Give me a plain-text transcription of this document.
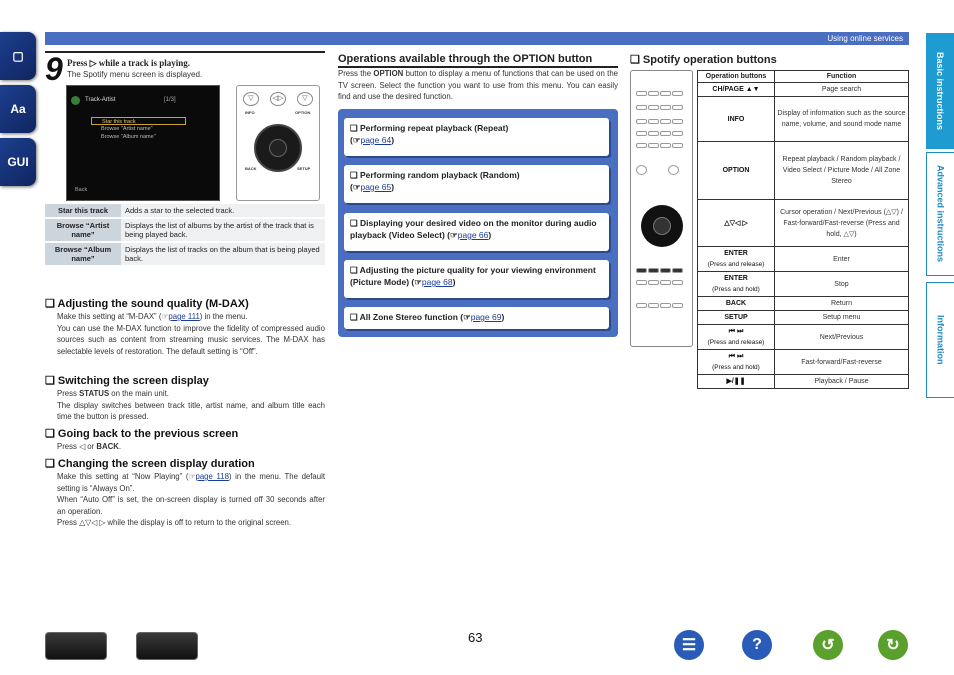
▢
Aa
GUI
Using online services
Basic instructions
Advanced instructions
Information
9 Press ▷ while a track is playing.
The Spotify menu screen is displayed.
Track-Artist	[1/3]
Star this track
Browse "Artist name"
Browse "Album name"
Back
▽	◁▷	▽
OPTION
INFO
BACK	SETUP
Star this track	Adds a star to the selected track.
Browse “Artist name”	Displays the list of albums by the artist of the track that is being played back.
Browse “Album name”	Displays the list of tracks on the album that is being played back.
❏ Adjusting the sound quality (M-DAX)

Make this setting at “M-DAX” (☞page 111) in the menu.

You can use the M-DAX function to improve the fidelity of compressed audio sources such as content from streaming music services. The M-DAX has selectable levels of restoration. The default setting is “Off”.

❏ Switching the screen display

Press STATUS on the main unit.

The display switches between track title, artist name, and album title each time the button is pressed.

❏ Going back to the previous screen

Press ◁ or BACK.

❏ Changing the screen display duration

Make this setting at “Now Playing” (☞page 118) in the menu. The default setting is “Always On”.

When “Auto Off” is set, the on-screen display is turned off 30 seconds after an operation.

Press △▽◁ ▷ while the display is off to return to the original screen.

Operations available through the OPTION button
Press the OPTION button to display a menu of functions that can be used on the TV screen. Select the function you want to use from this menu. You can easily find and use the desired function.
❏ Performing repeat playback (Repeat)
(☞page 64)
❏ Performing random playback (Random)
(☞page 65)
❏ Displaying your desired video on the monitor during audio playback (Video Select) (☞page 66)
❏ Adjusting the picture quality for your viewing environment (Picture Mode) (☞page 68)
❏ All Zone Stereo function (☞page 69)
❏ Spotify operation buttons
Operation buttons	Function
CH/PAGE ▲▼	Page search
INFO	Display of information such as the source name, volume, and sound mode name
OPTION	Repeat playback / Random playback / Video Select / Picture Mode / All Zone Stereo
△▽◁ ▷	Cursor operation / Next/Previous (△▽) / Fast-forward/Fast-reverse (Press and hold, △▽)
ENTER
(Press and release)	Enter
ENTER
(Press and hold)	Stop
BACK	Return
SETUP	Setup menu
⏮ ⏭
(Press and release)	Next/Previous
⏮ ⏭
(Press and hold)	Fast-forward/Fast-reverse
▶/❚❚	Playback / Pause
63	☰	?	↺	↻
